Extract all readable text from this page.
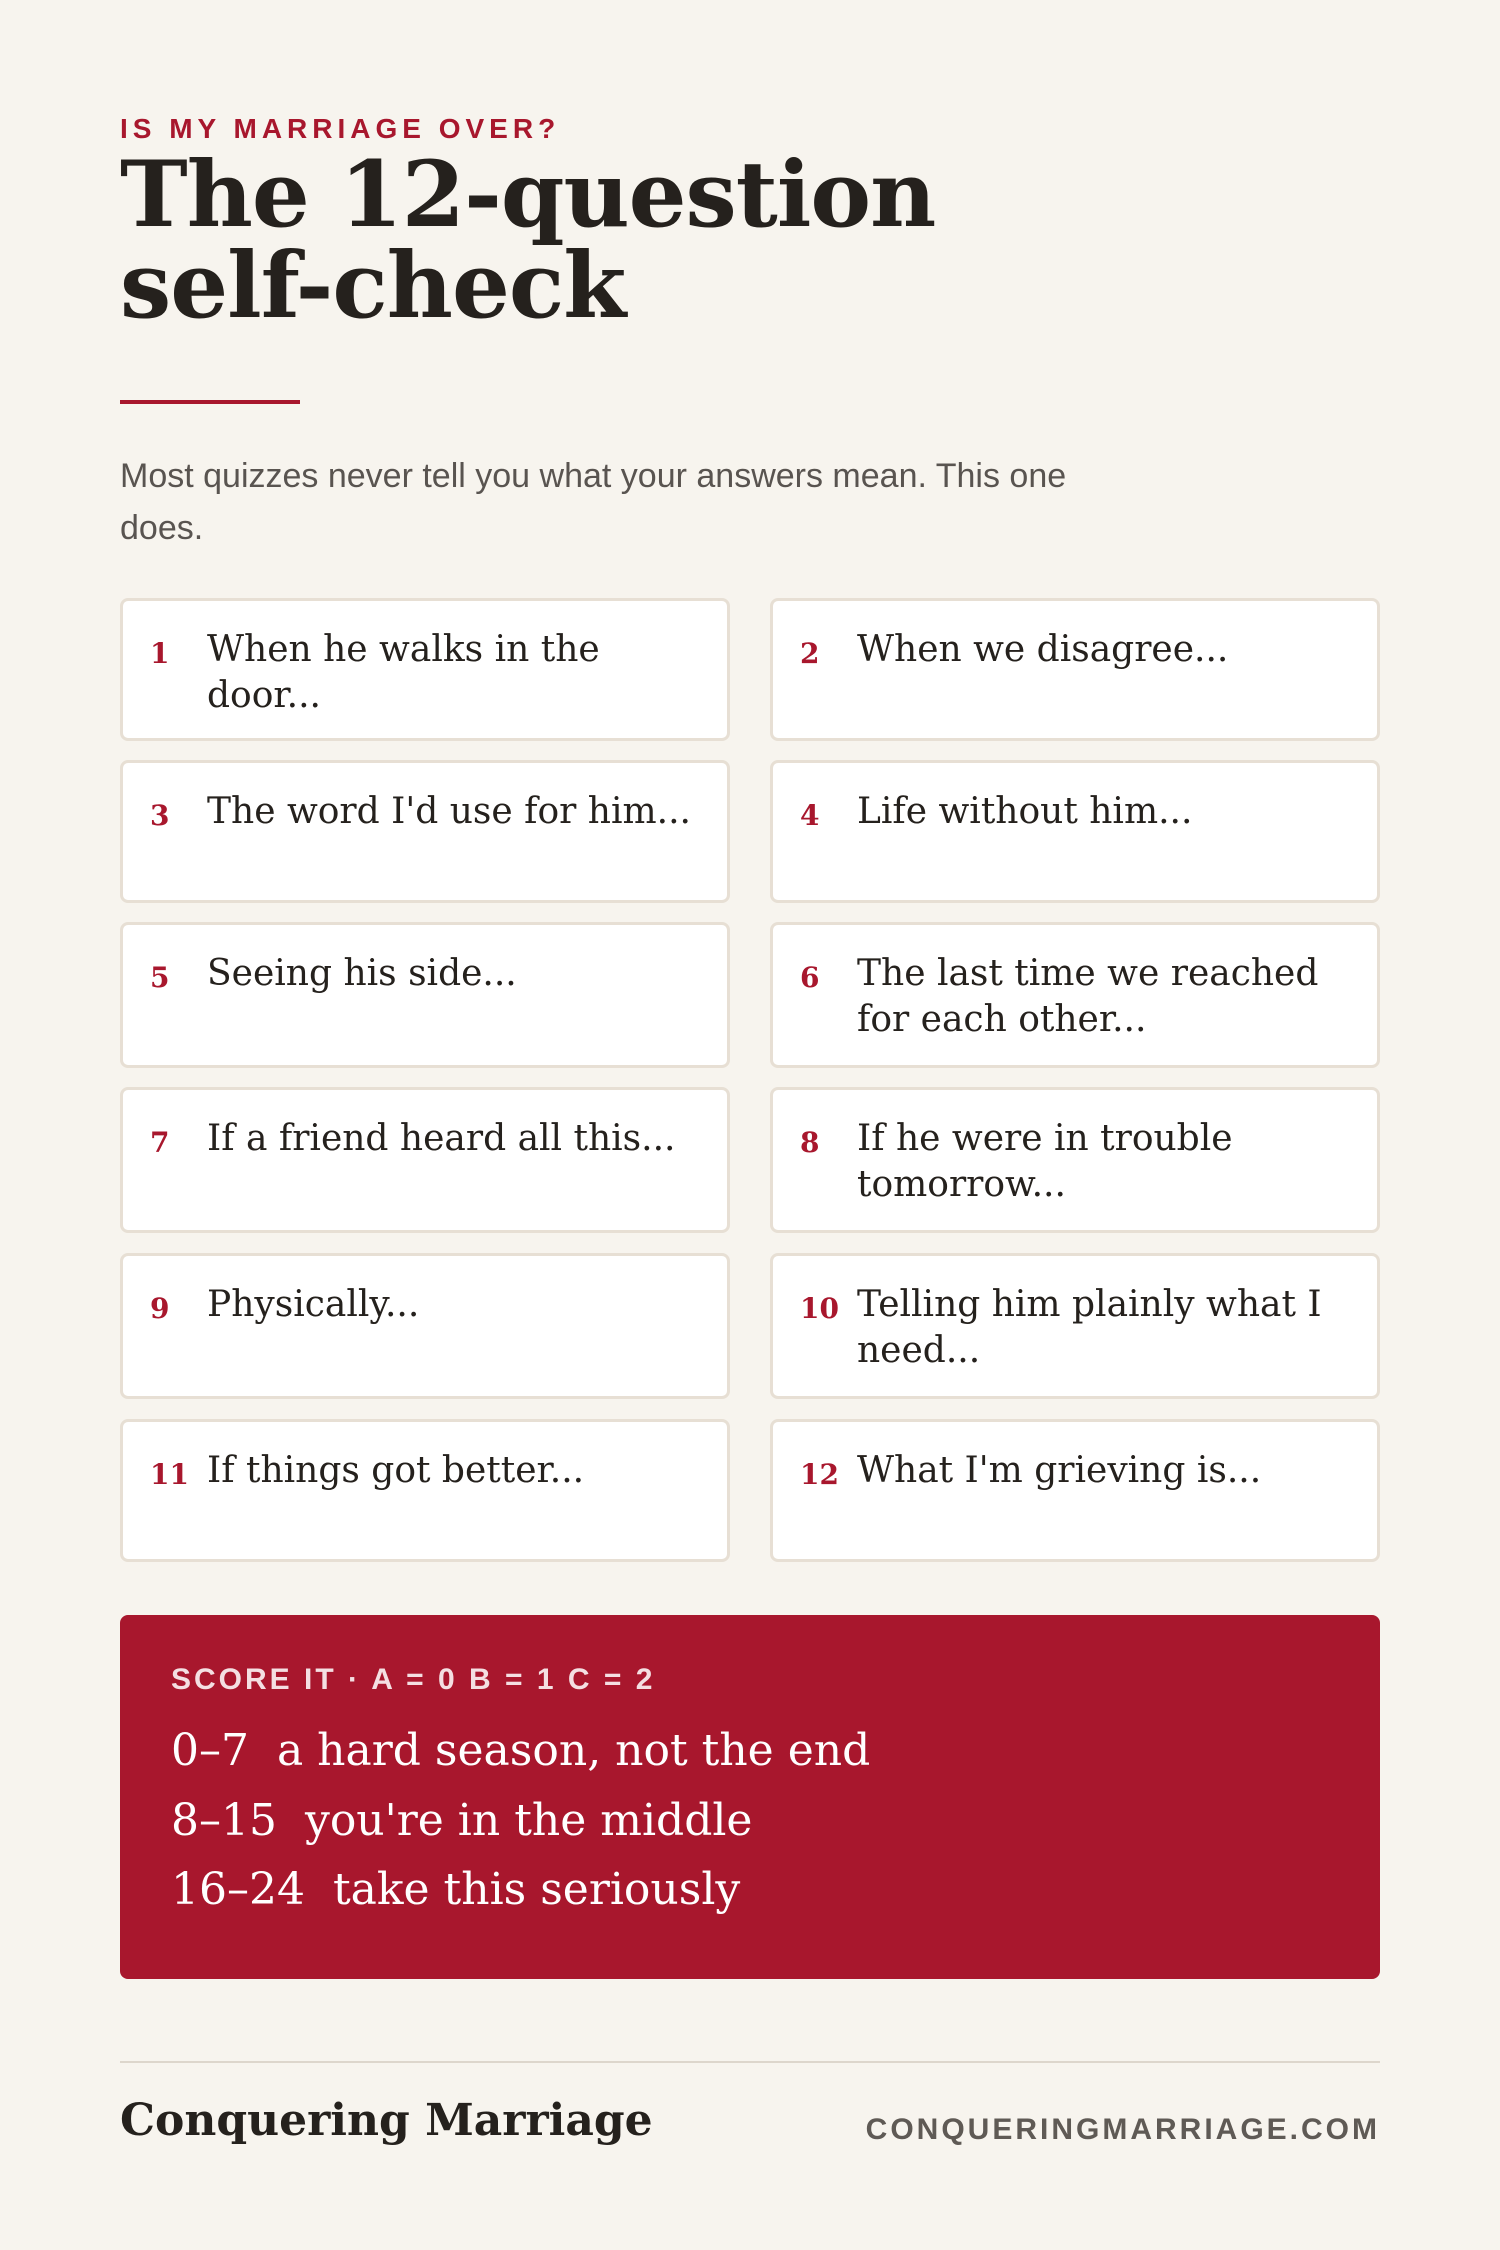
IS MY MARRIAGE OVER?
The 12-question
self-check
Most quizzes never tell you what your answers mean. This one does.
1 When he walks in the door...
2 When we disagree...
3 The word I'd use for him...	4 Life without him...
5 Seeing his side...	6 The last time we reached for each other...
7 If a friend heard all this...	8 If he were in trouble tomorrow...
9 Physically...	10 Telling him plainly what I need...
11 If things got better...	12 What I'm grieving is...
SCORE IT · A = 0 B = 1 C = 2
0–7  a hard season, not the end
8–15  you're in the middle
16–24  take this seriously
Conquering Marriage	CONQUERINGMARRIAGE.COM
